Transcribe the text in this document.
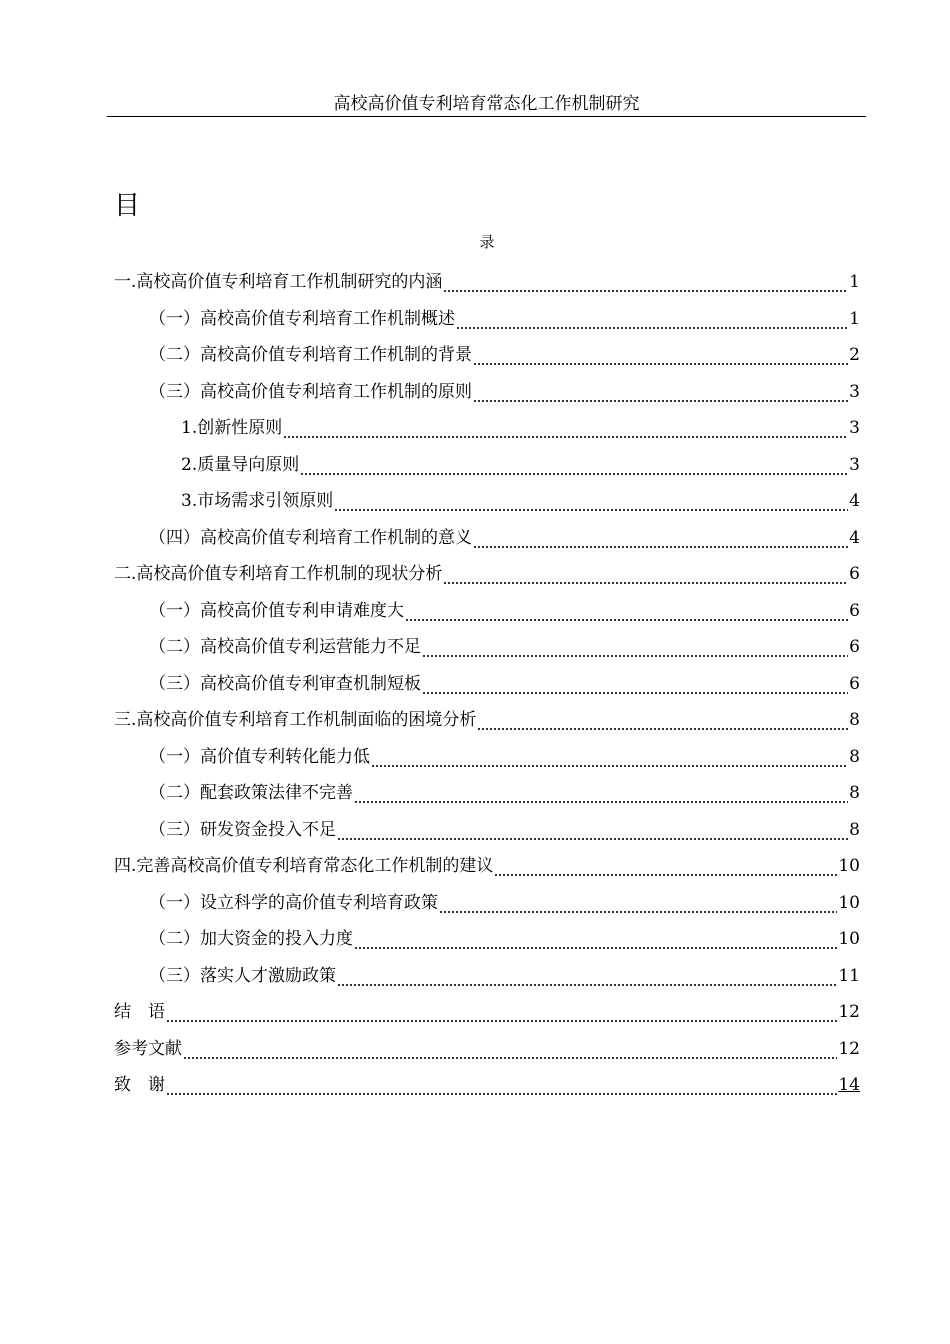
高校高价值专利培育常态化工作机制研究
目
录
一.高校高价值专利培育工作机制研究的内涵	1
（一）高校高价值专利培育工作机制概述	1
（二）高校高价值专利培育工作机制的背景	2
（三）高校高价值专利培育工作机制的原则	3
1.创新性原则	3
2.质量导向原则	3
3.市场需求引领原则	4
（四）高校高价值专利培育工作机制的意义	4
二.高校高价值专利培育工作机制的现状分析	6
（一）高校高价值专利申请难度大	6
（二）高校高价值专利运营能力不足	6
（三）高校高价值专利审查机制短板	6
三.高校高价值专利培育工作机制面临的困境分析	8
（一）高价值专利转化能力低	8
（二）配套政策法律不完善	8
（三）研发资金投入不足	8
四.完善高校高价值专利培育常态化工作机制的建议	10
（一）设立科学的高价值专利培育政策	10
（二）加大资金的投入力度	10
（三）落实人才激励政策	11
结　语	12
参考文献	12
致　谢	14
